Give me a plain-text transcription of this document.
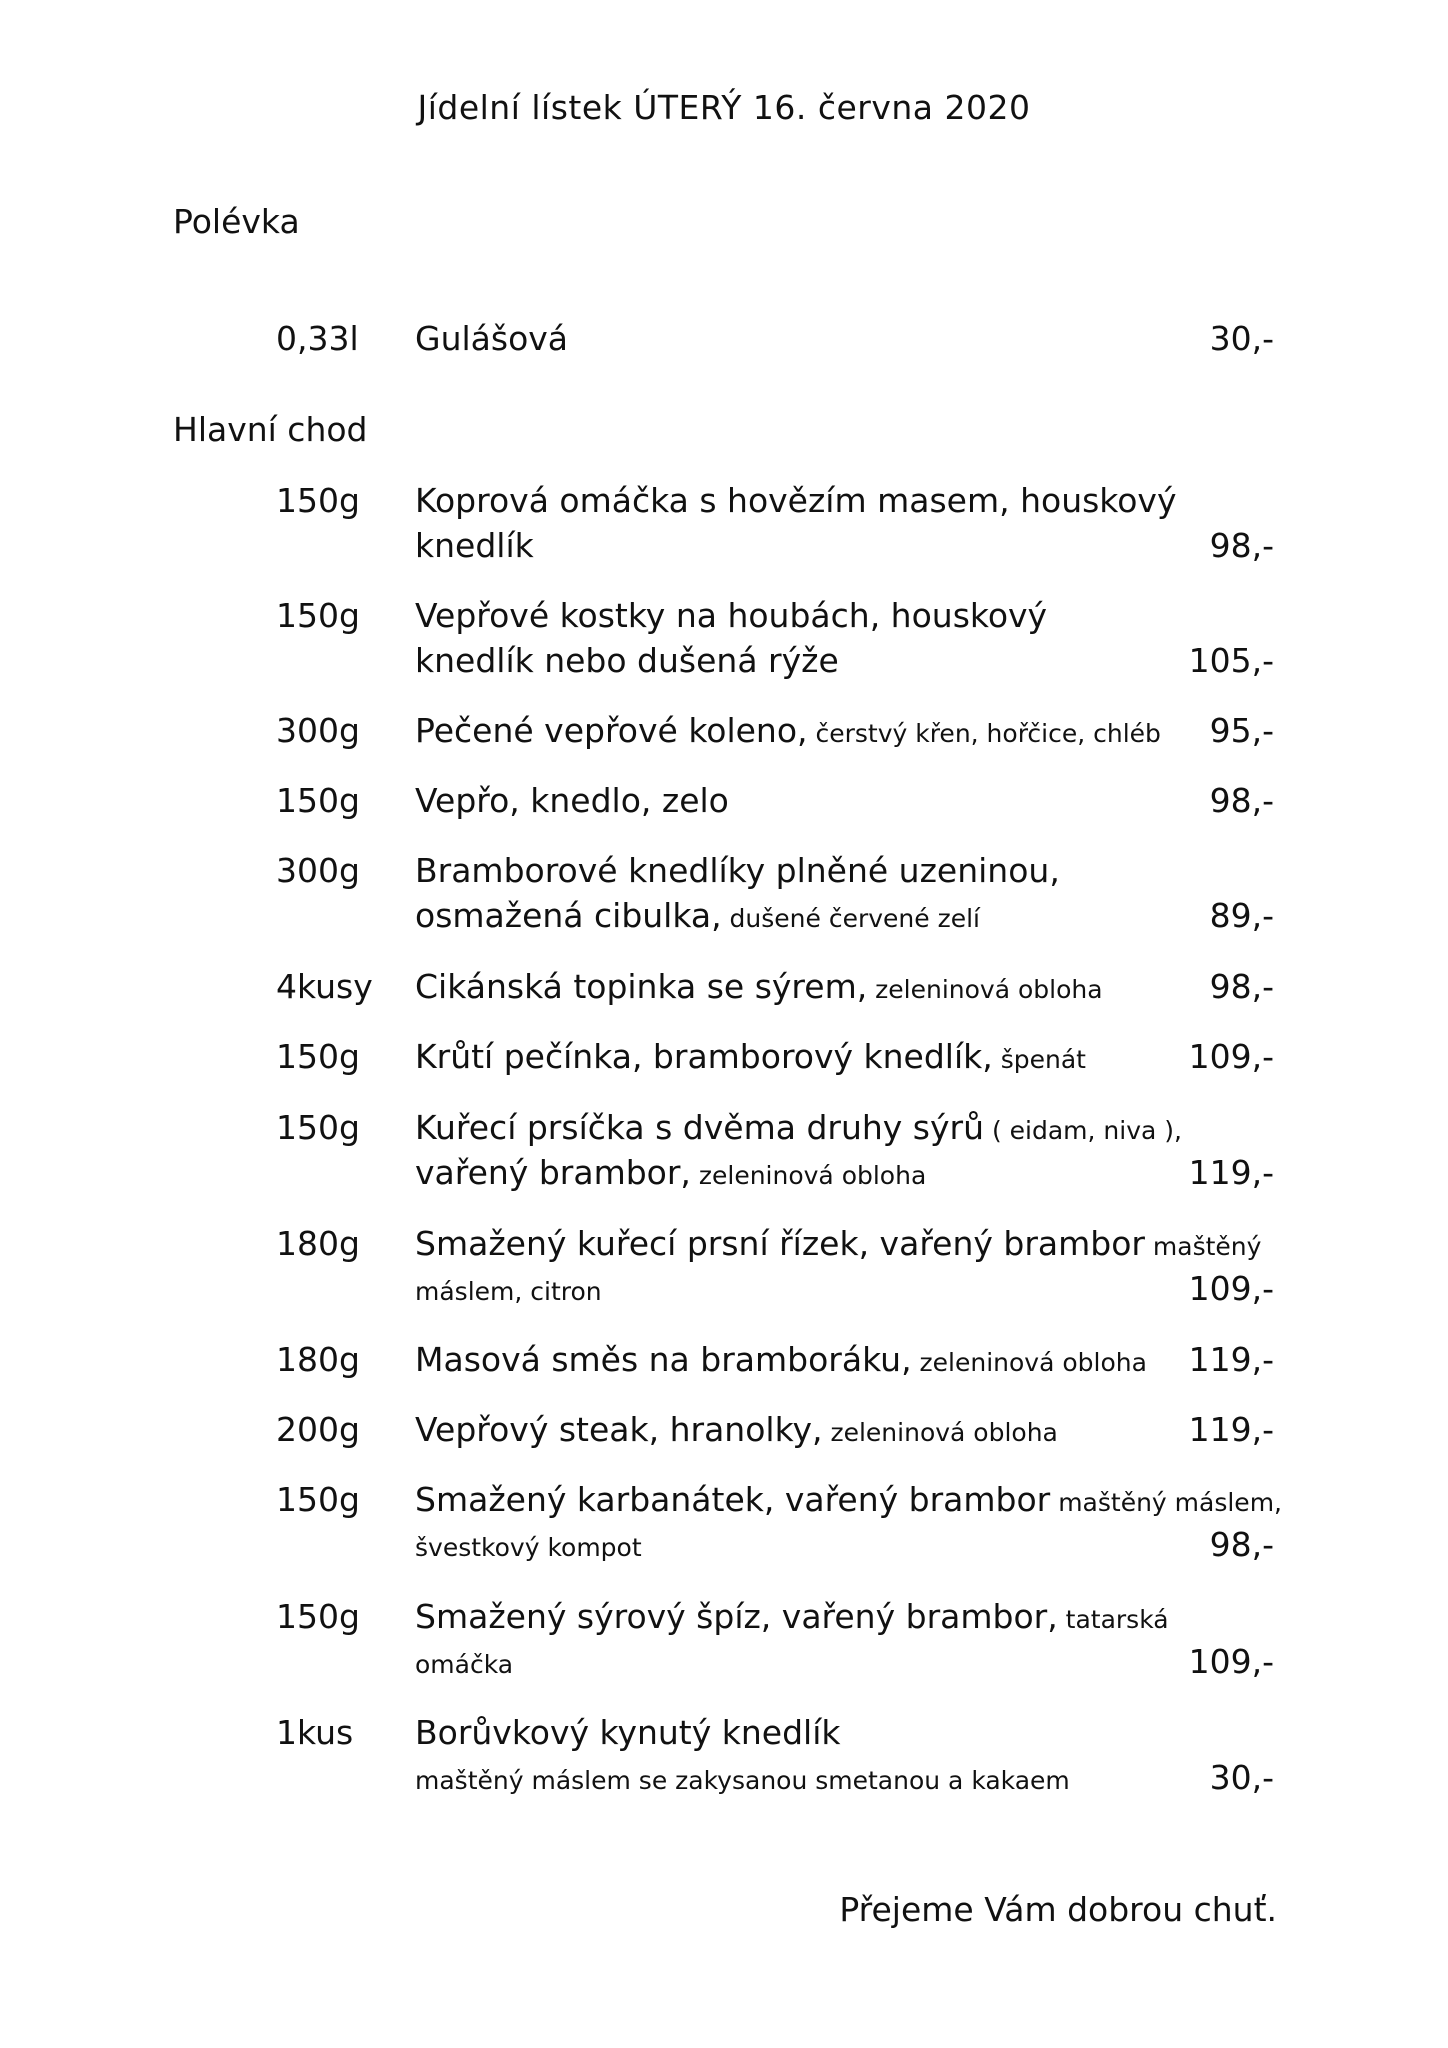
Jídelní lístek ÚTERÝ 16. června 2020
Polévka
0,33l Gulášová	30,-
Hlavní chod
150g Koprová omáčka s hovězím masem, houskový
knedlík	98,-
150g Vepřové kostky na houbách, houskový
knedlík nebo dušená rýže	105,-
300g Pečené vepřové koleno, čerstvý křen, hořčice, chléb	95,-
150g Vepřo, knedlo, zelo	98,-
300g Bramborové knedlíky plněné uzeninou,
osmažená cibulka, dušené červené zelí	89,-
4kusy Cikánská topinka se sýrem, zeleninová obloha	98,-
150g Krůtí pečínka, bramborový knedlík, špenát	109,-
150g Kuřecí prsíčka s dvěma druhy sýrů ( eidam, niva ),
vařený brambor, zeleninová obloha	119,-
180g Smažený kuřecí prsní řízek, vařený brambor maštěný
máslem, citron	109,-
180g Masová směs na bramboráku, zeleninová obloha	119,-
200g Vepřový steak, hranolky, zeleninová obloha	119,-
150g Smažený karbanátek, vařený brambor maštěný máslem,
švestkový kompot	98,-
150g Smažený sýrový špíz, vařený brambor, tatarská
omáčka	109,-
1kus Borůvkový kynutý knedlík
maštěný máslem se zakysanou smetanou a kakaem	30,-
Přejeme Vám dobrou chuť.
